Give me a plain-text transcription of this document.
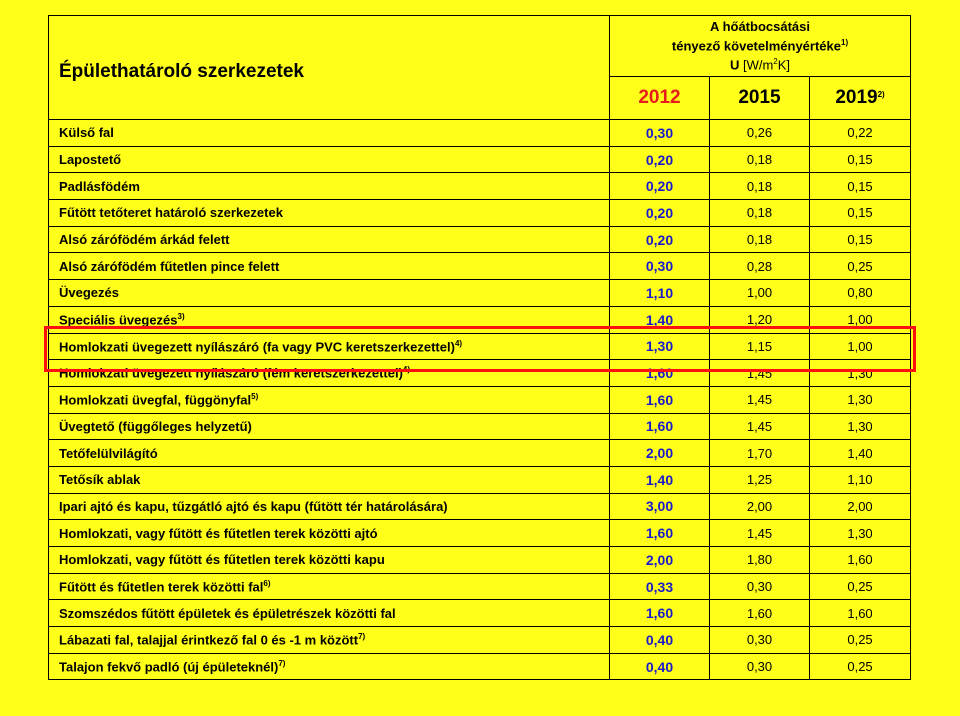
Épülethatároló szerkezetek	A hőátbocsátási
tényező követelményértéke$^{1)}$
U $[W/m^2K]$		

	2012	2015	2019$^{2)}$
Külső fal	0,30	0,26	0,22
Lapostető	0,20	0,18	0,15
Padlásfödém	0,20	0,18	0,15
Fűtött tetőteret határoló szerkezetek	0,20	0,18	0,15
Alsó zárófödém árkád felett	0,20	0,18	0,15
Alsó zárófödém fűtetlen pince felett	0,30	0,28	0,25
Üvegezés	1,10	1,00	0,80
Speciális üvegezés$^{3)}$	1,40	1,20	1,00
Homlokzati üvegezett nyílászáró (fa vagy PVC keretszerkezettel)$^{4)}$	1,30	1,15	1,00
Homlokzati üvegezett nyílászáró (fém keretszerkezettel)$^{4)}$	1,60	1,45	1,30
Homlokzati üvegfal, függönyfal$^{5)}$	1,60	1,45	1,30
Üvegtető (függőleges helyzetű)	1,60	1,45	1,30
Tetőfelülvilágító	2,00	1,70	1,40
Tetősík ablak	1,40	1,25	1,10
Ipari ajtó és kapu, tűzgátló ajtó és kapu (fűtött tér határolására)	3,00	2,00	2,00
Homlokzati, vagy fűtött és fűtetlen terek közötti ajtó	1,60	1,45	1,30
Homlokzati, vagy fűtött és fűtetlen terek közötti kapu	2,00	1,80	1,60
Fűtött és fűtetlen terek közötti fal$^{6)}$	0,33	0,30	0,25
Szomszédos fűtött épületek és épületrészek közötti fal	1,60	1,60	1,60
Lábazati fal, talajjal érintkező fal 0 és -1 m között$^{7)}$	0,40	0,30	0,25
Talajon fekvő padló (új épületeknél)$^{7)}$	0,40	0,30	0,25
